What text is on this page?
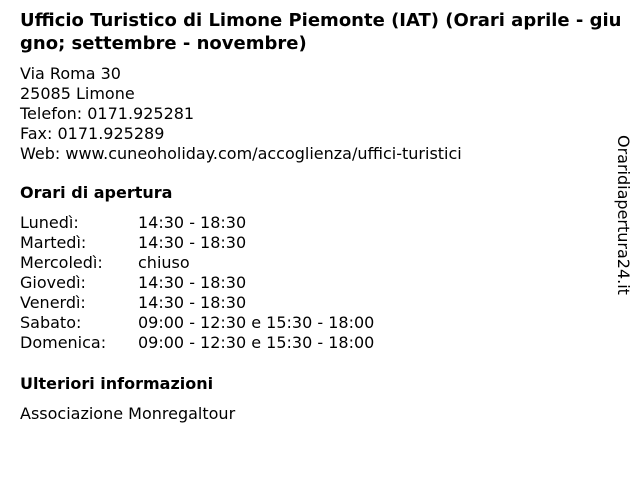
Ufficio Turistico di Limone Piemonte (IAT) (Orari aprile - giugno; settembre - novembre)
Via Roma 30
25085 Limone
Telefon: 0171.925281
Fax: 0171.925289
Web: www.cuneoholiday.com/accoglienza/uffici-turistici
Orari di apertura
Lunedì:	14:30 - 18:30
Martedì:	14:30 - 18:30
Mercoledì: chiuso
Giovedì:	14:30 - 18:30
Venerdì:	14:30 - 18:30
Sabato:	09:00 - 12:30 e 15:30 - 18:00
Domenica: 09:00 - 12:30 e 15:30 - 18:00
Ulteriori informazioni
Associazione Monregaltour
Oraridiapertura24.it
